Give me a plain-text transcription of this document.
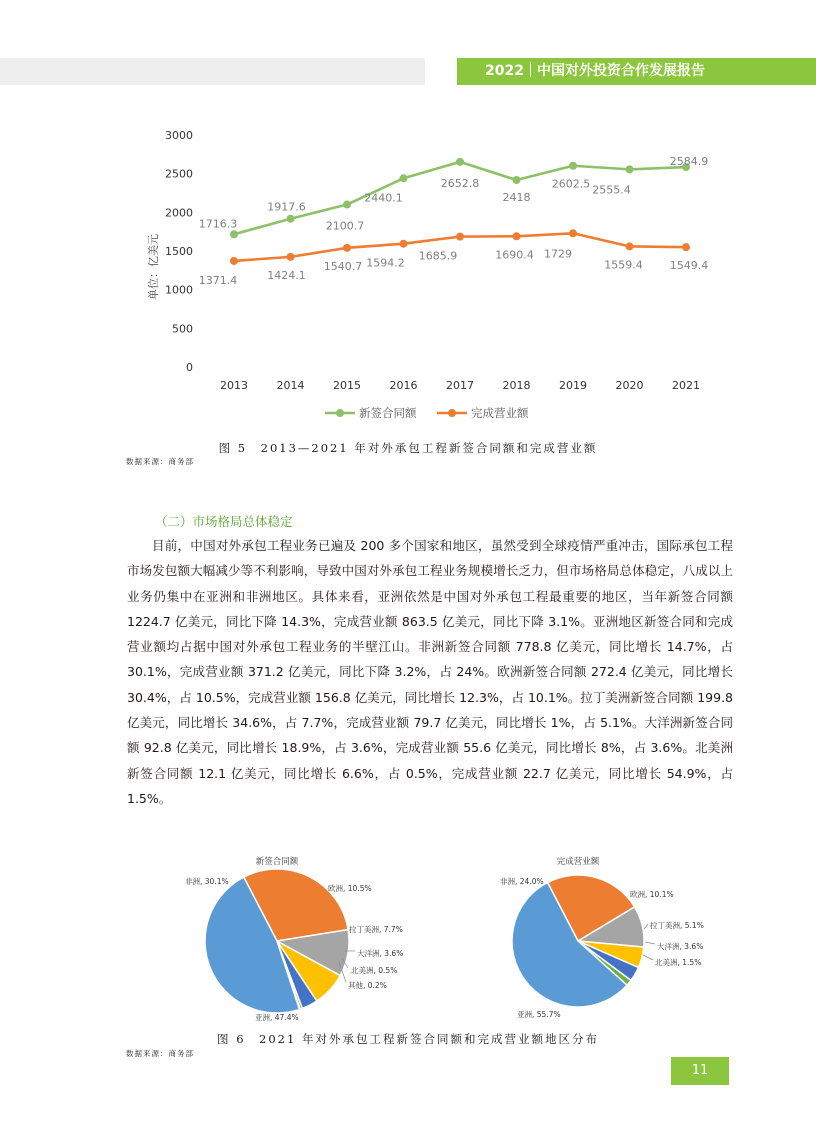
2022 中国对外投资合作发展报告
0
500
1000
1500
2000
2500
3000
2013	2014	2015	2016	2017	2018	2019	2020	2021
单位：亿美元
1716.3
1917.6
2100.7
2440.1
2652.8
2418
2602.5 2555.4
2584.9
1371.4	1424.1
1540.7 1594.2
1685.9	1690.4 1729
1559.4 1549.4
新签合同额	完成营业额
图 5　2013—2021 年对外承包工程新签合同额和完成营业额
数据来源：商务部
（二）市场格局总体稳定

目前，中国对外承包工程业务已遍及 200 多个国家和地区，虽然受到全球疫情严重冲击，国际承包工程市场发包额大幅减少等不利影响，导致中国对外承包工程业务规模增长乏力，但市场格局总体稳定，八成以上业务仍集中在亚洲和非洲地区。具体来看，亚洲依然是中国对外承包工程最重要的地区，当年新签合同额 1224.7 亿美元，同比下降 14.3%，完成营业额 863.5 亿美元，同比下降 3.1%。亚洲地区新签合同和完成营业额均占据中国对外承包工程业务的半壁江山。非洲新签合同额 778.8 亿美元，同比增长 14.7%，占 30.1%，完成营业额 371.2 亿美元，同比下降 3.2%，占 24%。欧洲新签合同额 272.4 亿美元，同比增长 30.4%，占 10.5%，完成营业额 156.8 亿美元，同比增长 12.3%，占 10.1%。拉丁美洲新签合同额 199.8 亿美元，同比增长 34.6%，占 7.7%，完成营业额 79.7 亿美元，同比增长 1%，占 5.1%。大洋洲新签合同额 92.8 亿美元，同比增长 18.9%，占 3.6%，完成营业额 55.6 亿美元，同比增长 8%，占 3.6%。北美洲新签合同额 12.1 亿美元，同比增长 6.6%，占 0.5%，完成营业额 22.7 亿美元，同比增长 54.9%，占 1.5%。

新签合同额
非洲, 30.1%
欧洲, 10.5%
拉丁美洲, 7.7%
大洋洲, 3.6%
北美洲, 0.5%
其他, 0.2%
亚洲, 47.4%
完成营业额
非洲, 24.0%
欧洲, 10.1%
拉丁美洲, 5.1%
大洋洲, 3.6%
北美洲, 1.5%
亚洲, 55.7%
图 6　2021 年对外承包工程新签合同额和完成营业额地区分布
数据来源：商务部
11
